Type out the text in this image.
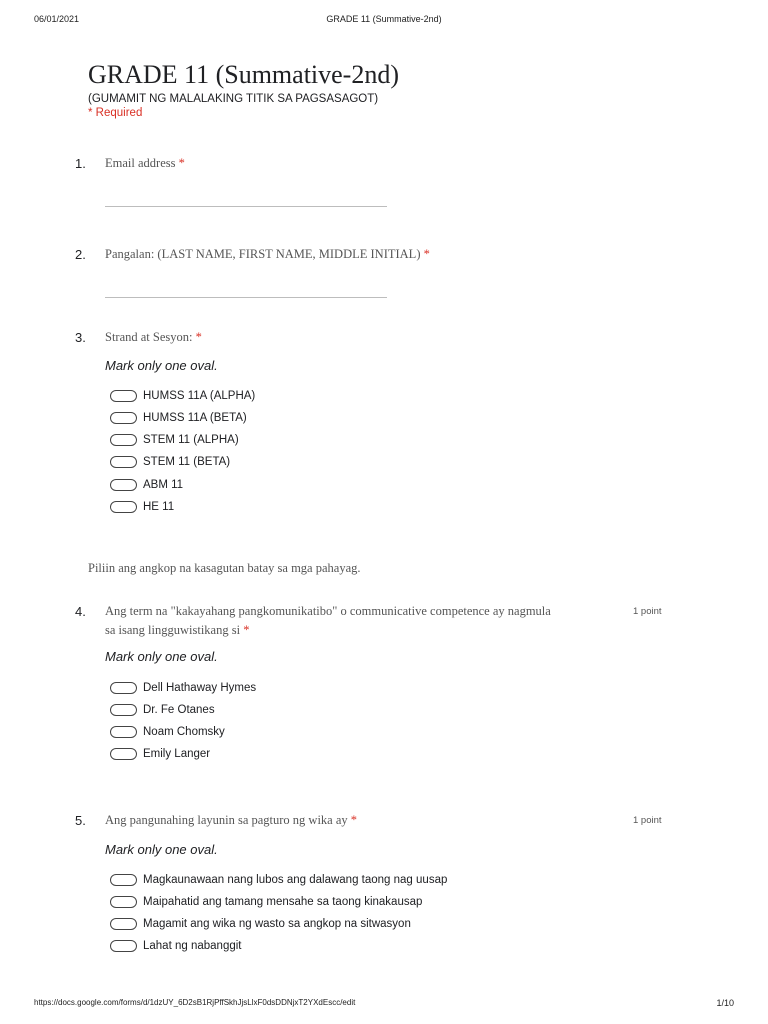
06/01/2021	GRADE 11 (Summative-2nd)
https://docs.google.com/forms/d/1dzUY_6D2sB1RjPffSkhJjsLlxF0dsDDNjxT2YXdEscc/edit	1/10
GRADE 11 (Summative-2nd)
(GUMAMIT NG MALALAKING TITIK SA PAGSASAGOT)
* Required
1. Email address *
2. Pangalan: (LAST NAME, FIRST NAME, MIDDLE INITIAL) *
3. Strand at Sesyon: *
Mark only one oval.
HUMSS 11A (ALPHA)
HUMSS 11A (BETA)
STEM 11 (ALPHA)
STEM 11 (BETA)
ABM 11
HE 11
Piliin ang angkop na kasagutan batay sa mga pahayag.
4. Ang term na "kakayahang pangkomunikatibo" o communicative competence ay nagmula
sa isang lingguwistikang si *
1 point
Mark only one oval.
Dell Hathaway Hymes
Dr. Fe Otanes
Noam Chomsky
Emily Langer
5. Ang pangunahing layunin sa pagturo ng wika ay *	1 point
Mark only one oval.
Magkaunawaan nang lubos ang dalawang taong nag uusap
Maipahatid ang tamang mensahe sa taong kinakausap
Magamit ang wika ng wasto sa angkop na sitwasyon
Lahat ng nabanggit
